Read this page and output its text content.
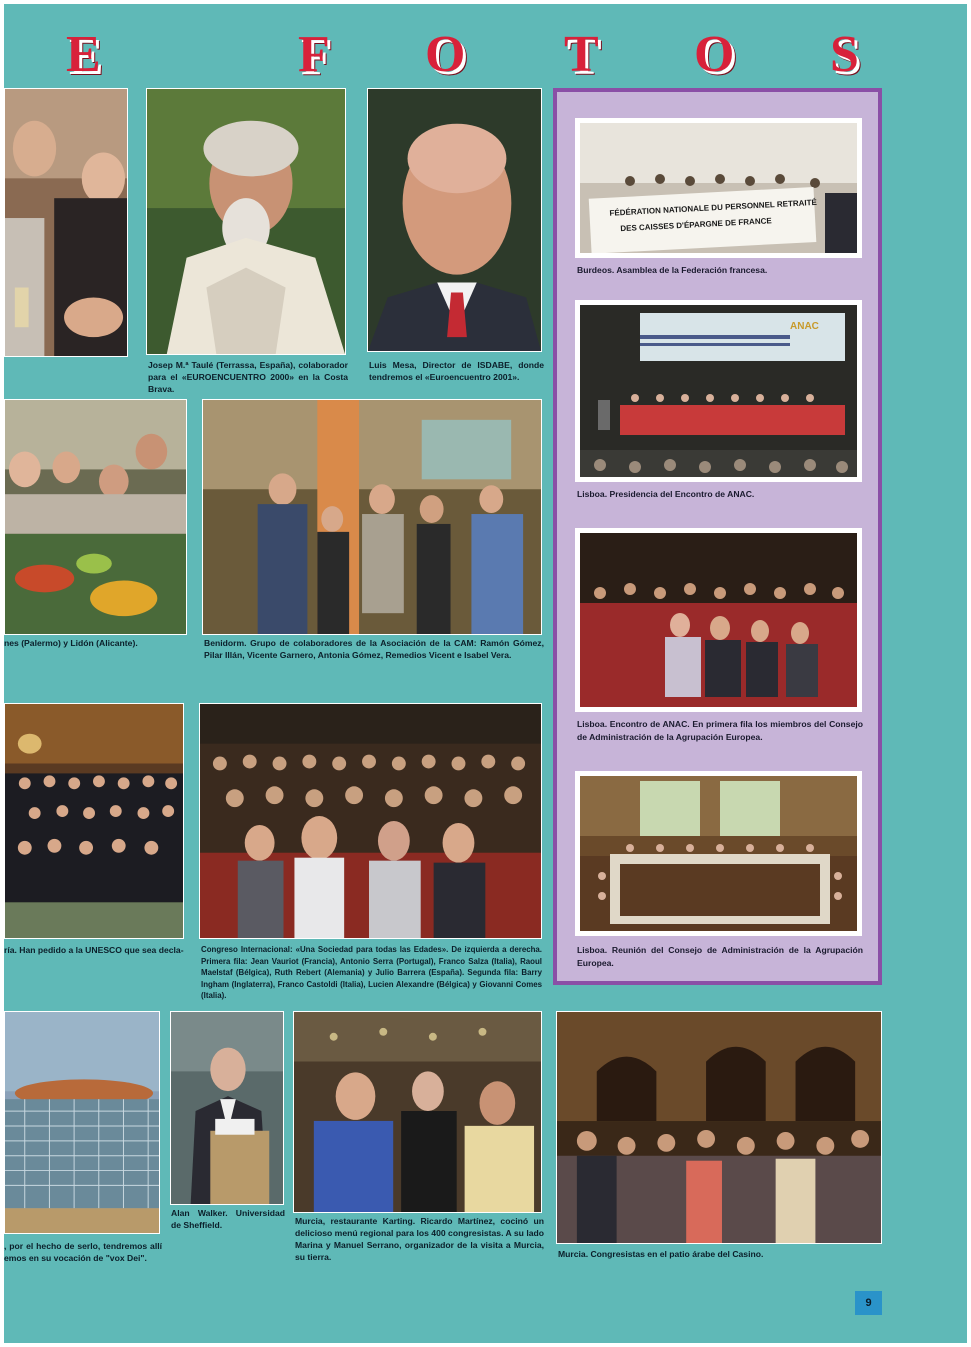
E	F O T O S
Josep M.ª Taulé (Terrassa, España), colaborador para el «EUROENCUENTRO 2000» en la Costa Brava.
Luis Mesa, Director de ISDABE, donde tendremos el «Euroencuentro 2001».
nes (Palermo) y Lidón (Alicante).	Benidorm. Grupo de colaboradores de la Asociación de la CAM: Ramón Gómez, Pilar Illán, Vicente Garnero, Antonia Gómez, Remedios Vicent e Isabel Vera.
ría. Han pedido a la UNESCO que sea decla-	Congreso Internacional: «Una Sociedad para todas las Edades». De izquierda a derecha. Primera fila: Jean Vauriot (Francia), Antonio Serra (Portugal), Franco Salza (Italia), Raoul Maelstaf (Bélgica), Ruth Rebert (Alemania) y Julio Barrera (España). Segunda fila: Barry Ingham (Inglaterra), Franco Castoldi (Italia), Lucien Alexandre (Bélgica) y Giovanni Comes (Italia).
, por el hecho de serlo, tendremos allí emos en su vocación de "vox Dei".
Alan Walker. Universidad de Sheffield.	Murcia, restaurante Karting. Ricardo Martínez, cocinó un delicioso menú regional para los 400 congresistas. A su lado Marina y Manuel Serrano, organizador de la visita a Murcia, su tierra.	Murcia. Congresistas en el patio árabe del Casino.
FÉDÉRATION NATIONALE DU PERSONNEL RETRAITÉ
DES CAISSES D'ÉPARGNE DE FRANCE
Burdeos. Asamblea de la Federación francesa.
ANAC
Lisboa. Presidencia del Encontro de ANAC.
Lisboa. Encontro de ANAC. En primera fila los miembros del Consejo de Administración de la Agrupación Europea.
Lisboa. Reunión del Consejo de Administración de la Agrupación Europea.
9
